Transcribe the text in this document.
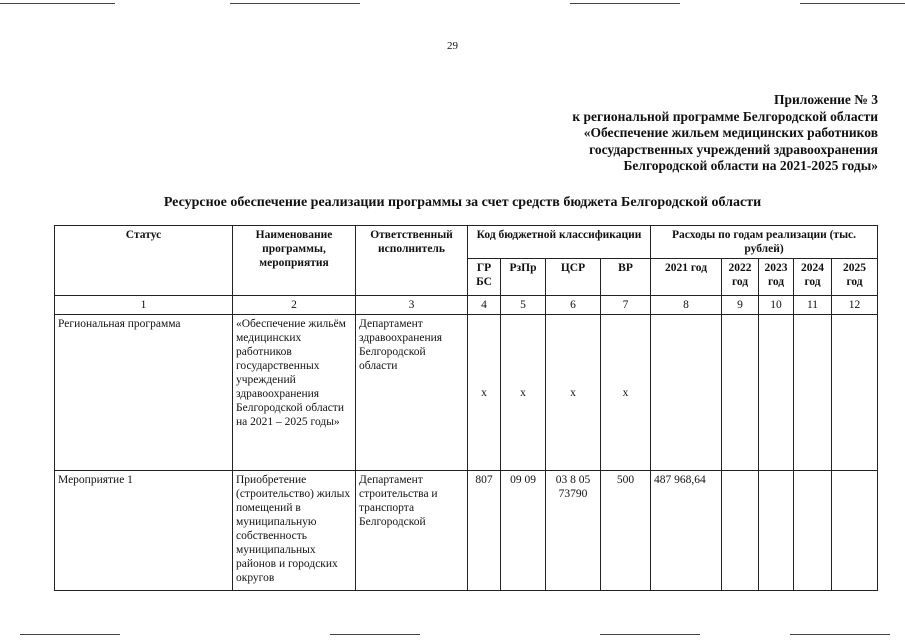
29
Приложение № 3
к региональной программе Белгородской области
«Обеспечение жильем медицинских работников
государственных учреждений здравоохранения
Белгородской области на 2021-2025 годы»
Ресурсное обеспечение реализации программы за счет средств бюджета Белгородской области
Статус	Наименование программы, мероприятия	Ответственный исполнитель	Код бюджетной классификации				Расходы по годам реализации (тыс. рублей)				
			ГР БС	РзПр	ЦСР	ВР	2021 год	2022 год	2023 год	2024 год	2025 год
1	2	3	4	5	6	7	8	9	10	11	12
Региональная программа	«Обеспечение жильём медицинских работников государственных учреждений здравоохранения Белгородской области на 2021 – 2025 годы»	Департамент здравоохранения Белгородской области	х	х	х	х					
Мероприятие 1	Приобретение (строительство) жилых помещений в муниципальную собственность муниципальных районов и городских округов	Департамент строительства и транспорта Белгородской	807	09 09	03 8 05 73790	500	487 968,64				
